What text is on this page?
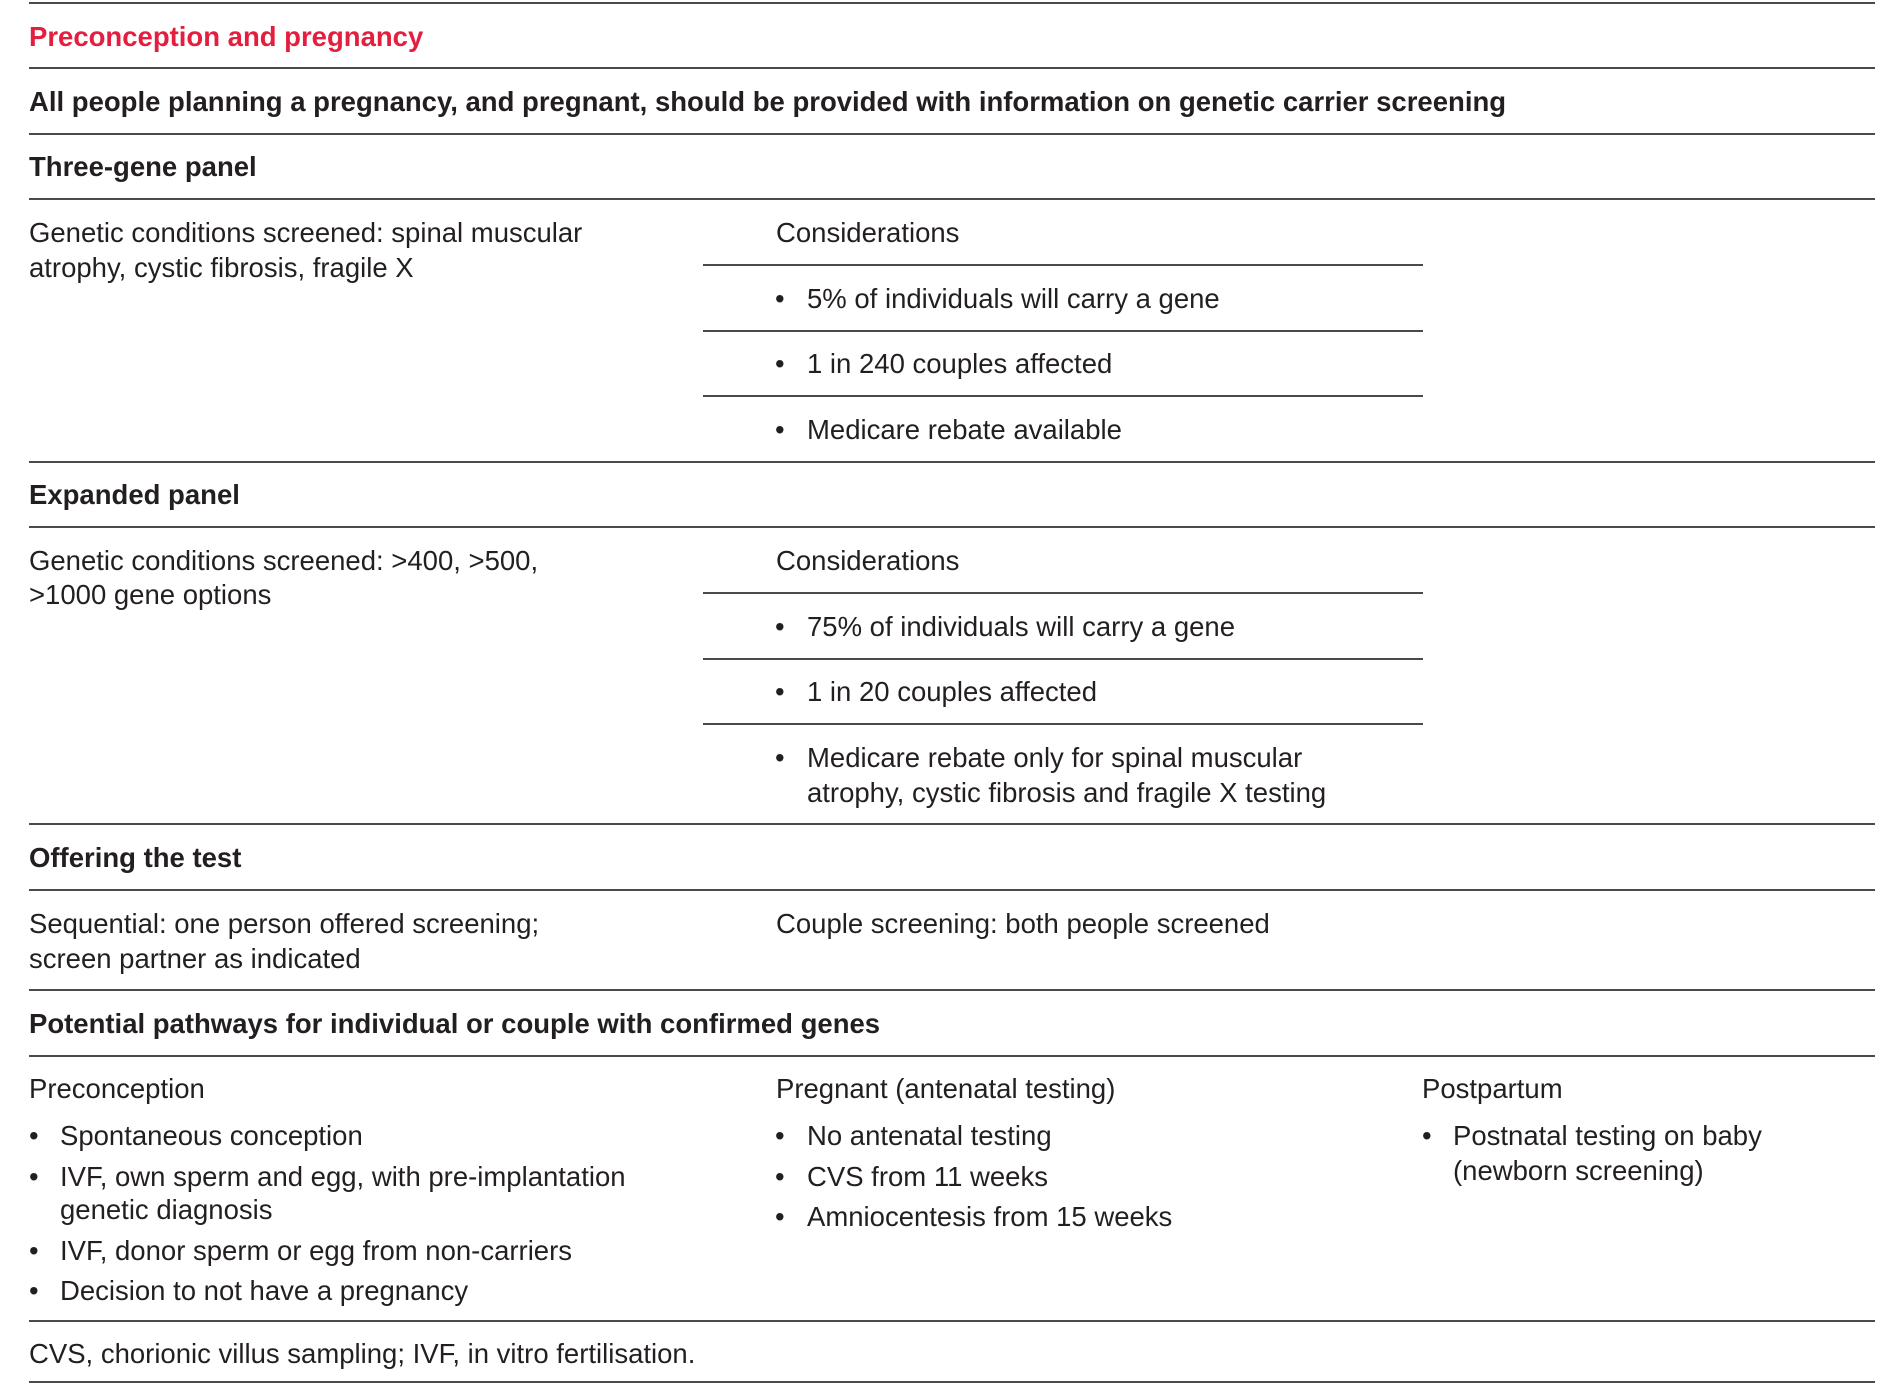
Preconception and pregnancy
All people planning a pregnancy, and pregnant, should be provided with information on genetic carrier screening
Three-gene panel
Genetic conditions screened: spinal muscular
atrophy, cystic fibrosis, fragile X
Considerations
• 5% of individuals will carry a gene
• 1 in 240 couples affected
• Medicare rebate available
Expanded panel
Genetic conditions screened: >400, >500,
>1000 gene options
Considerations
• 75% of individuals will carry a gene
• 1 in 20 couples affected
• Medicare rebate only for spinal muscular
atrophy, cystic fibrosis and fragile X testing
Offering the test
Sequential: one person offered screening;
screen partner as indicated
Couple screening: both people screened
Potential pathways for individual or couple with confirmed genes
Preconception
• Spontaneous conception
• IVF, own sperm and egg, with pre-implantation
genetic diagnosis
• IVF, donor sperm or egg from non-carriers
• Decision to not have a pregnancy
Pregnant (antenatal testing)
• No antenatal testing
• CVS from 11 weeks
• Amniocentesis from 15 weeks
Postpartum
• Postnatal testing on baby
(newborn screening)
CVS, chorionic villus sampling; IVF, in vitro fertilisation.
